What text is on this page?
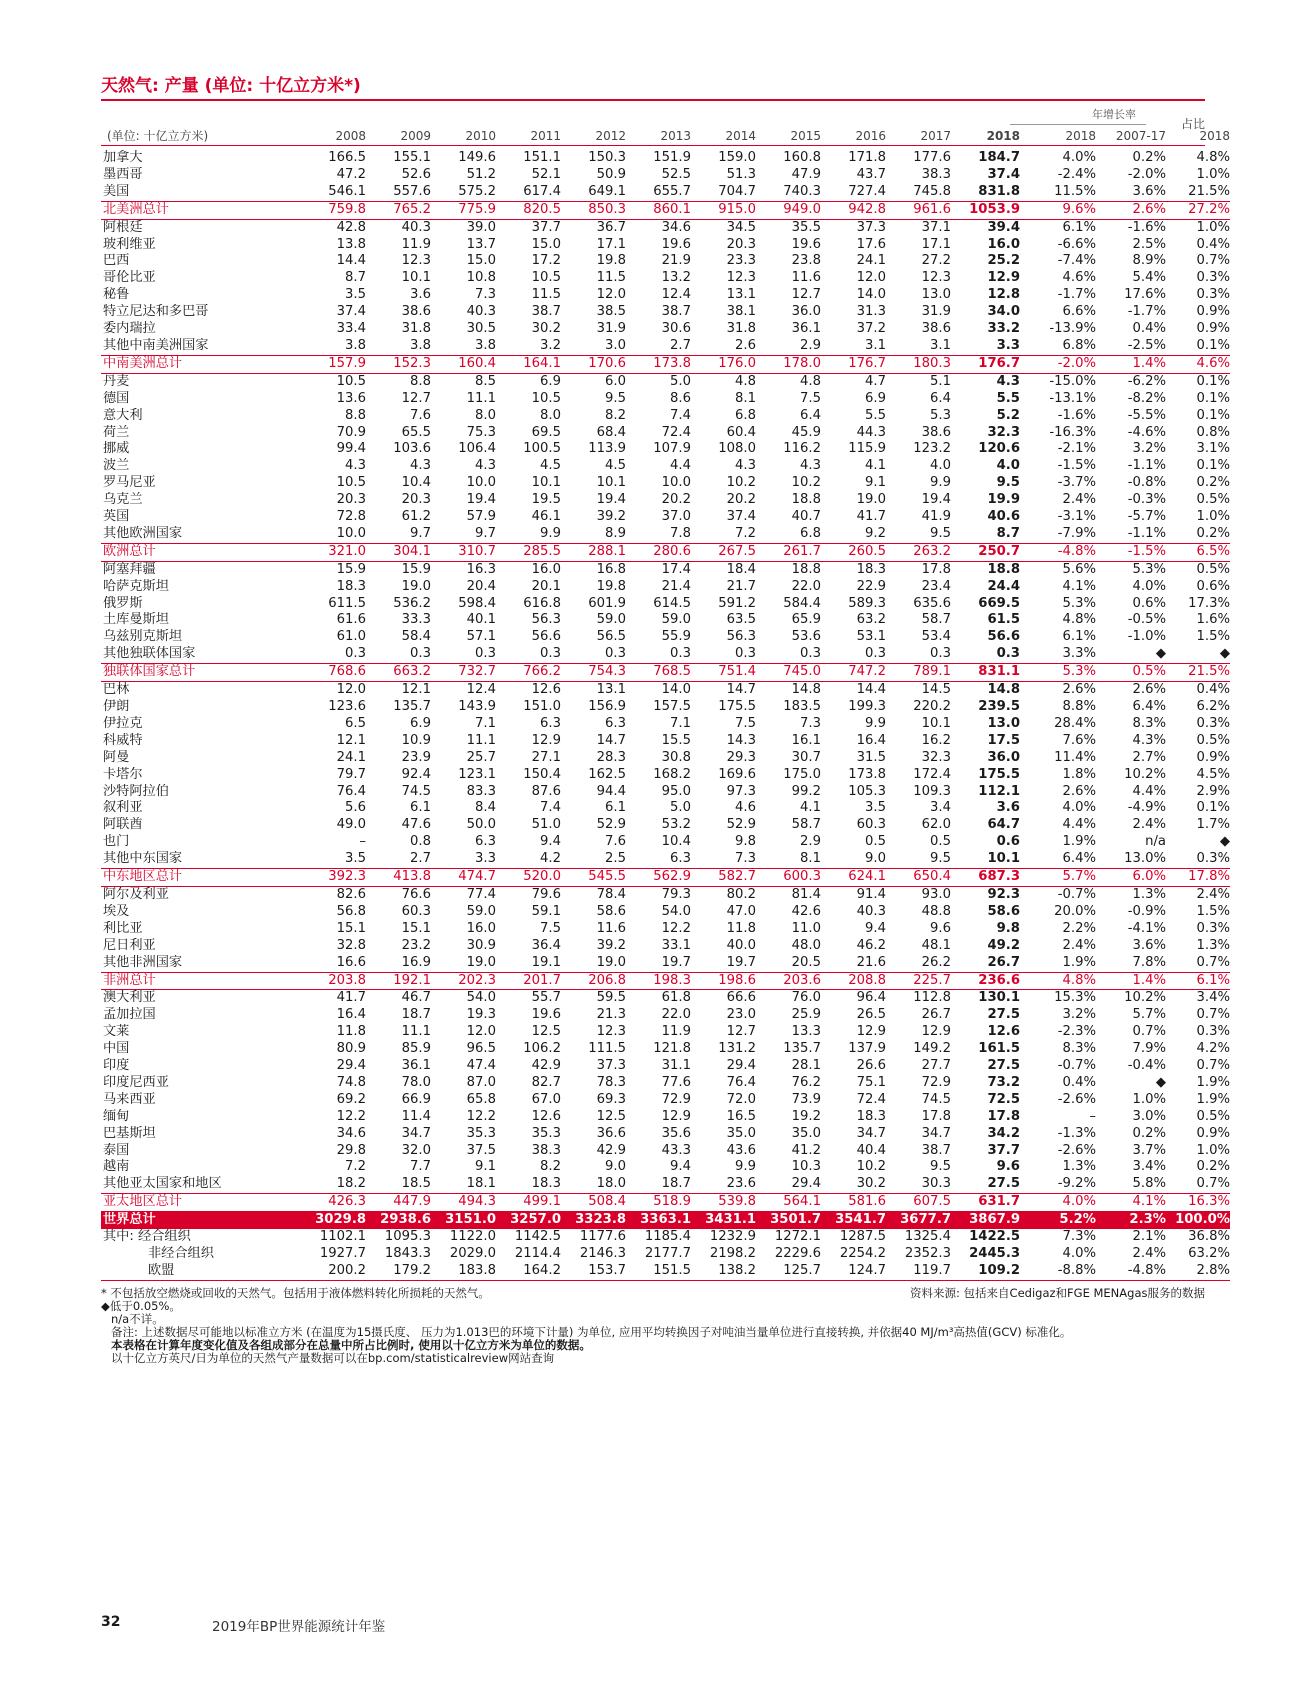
天然气: 产量 (单位: 十亿立方米*)
年增长率
占比
(单位: 十亿立方米)	2008	2009	2010	2011	2012	2013	2014	2015	2016	2017	2018		2018	2007-17	2018
加拿大	166.5	155.1	149.6	151.1	150.3	151.9	159.0	160.8	171.8	177.6	184.7		4.0%	0.2%	4.8%
墨西哥	47.2	52.6	51.2	52.1	50.9	52.5	51.3	47.9	43.7	38.3	37.4		-2.4%	-2.0%	1.0%
美国	546.1	557.6	575.2	617.4	649.1	655.7	704.7	740.3	727.4	745.8	831.8		11.5%	3.6%	21.5%
北美洲总计	759.8	765.2	775.9	820.5	850.3	860.1	915.0	949.0	942.8	961.6	1053.9		9.6%	2.6%	27.2%
阿根廷	42.8	40.3	39.0	37.7	36.7	34.6	34.5	35.5	37.3	37.1	39.4		6.1%	-1.6%	1.0%
玻利维亚	13.8	11.9	13.7	15.0	17.1	19.6	20.3	19.6	17.6	17.1	16.0		-6.6%	2.5%	0.4%
巴西	14.4	12.3	15.0	17.2	19.8	21.9	23.3	23.8	24.1	27.2	25.2		-7.4%	8.9%	0.7%
哥伦比亚	8.7	10.1	10.8	10.5	11.5	13.2	12.3	11.6	12.0	12.3	12.9		4.6%	5.4%	0.3%
秘鲁	3.5	3.6	7.3	11.5	12.0	12.4	13.1	12.7	14.0	13.0	12.8		-1.7%	17.6%	0.3%
特立尼达和多巴哥	37.4	38.6	40.3	38.7	38.5	38.7	38.1	36.0	31.3	31.9	34.0		6.6%	-1.7%	0.9%
委内瑞拉	33.4	31.8	30.5	30.2	31.9	30.6	31.8	36.1	37.2	38.6	33.2		-13.9%	0.4%	0.9%
其他中南美洲国家	3.8	3.8	3.8	3.2	3.0	2.7	2.6	2.9	3.1	3.1	3.3		6.8%	-2.5%	0.1%
中南美洲总计	157.9	152.3	160.4	164.1	170.6	173.8	176.0	178.0	176.7	180.3	176.7		-2.0%	1.4%	4.6%
丹麦	10.5	8.8	8.5	6.9	6.0	5.0	4.8	4.8	4.7	5.1	4.3		-15.0%	-6.2%	0.1%
德国	13.6	12.7	11.1	10.5	9.5	8.6	8.1	7.5	6.9	6.4	5.5		-13.1%	-8.2%	0.1%
意大利	8.8	7.6	8.0	8.0	8.2	7.4	6.8	6.4	5.5	5.3	5.2		-1.6%	-5.5%	0.1%
荷兰	70.9	65.5	75.3	69.5	68.4	72.4	60.4	45.9	44.3	38.6	32.3		-16.3%	-4.6%	0.8%
挪威	99.4	103.6	106.4	100.5	113.9	107.9	108.0	116.2	115.9	123.2	120.6		-2.1%	3.2%	3.1%
波兰	4.3	4.3	4.3	4.5	4.5	4.4	4.3	4.3	4.1	4.0	4.0		-1.5%	-1.1%	0.1%
罗马尼亚	10.5	10.4	10.0	10.1	10.1	10.0	10.2	10.2	9.1	9.9	9.5		-3.7%	-0.8%	0.2%
乌克兰	20.3	20.3	19.4	19.5	19.4	20.2	20.2	18.8	19.0	19.4	19.9		2.4%	-0.3%	0.5%
英国	72.8	61.2	57.9	46.1	39.2	37.0	37.4	40.7	41.7	41.9	40.6		-3.1%	-5.7%	1.0%
其他欧洲国家	10.0	9.7	9.7	9.9	8.9	7.8	7.2	6.8	9.2	9.5	8.7		-7.9%	-1.1%	0.2%
欧洲总计	321.0	304.1	310.7	285.5	288.1	280.6	267.5	261.7	260.5	263.2	250.7		-4.8%	-1.5%	6.5%
阿塞拜疆	15.9	15.9	16.3	16.0	16.8	17.4	18.4	18.8	18.3	17.8	18.8		5.6%	5.3%	0.5%
哈萨克斯坦	18.3	19.0	20.4	20.1	19.8	21.4	21.7	22.0	22.9	23.4	24.4		4.1%	4.0%	0.6%
俄罗斯	611.5	536.2	598.4	616.8	601.9	614.5	591.2	584.4	589.3	635.6	669.5		5.3%	0.6%	17.3%
土库曼斯坦	61.6	33.3	40.1	56.3	59.0	59.0	63.5	65.9	63.2	58.7	61.5		4.8%	-0.5%	1.6%
乌兹别克斯坦	61.0	58.4	57.1	56.6	56.5	55.9	56.3	53.6	53.1	53.4	56.6		6.1%	-1.0%	1.5%
其他独联体国家	0.3	0.3	0.3	0.3	0.3	0.3	0.3	0.3	0.3	0.3	0.3		3.3%	◆	◆
独联体国家总计	768.6	663.2	732.7	766.2	754.3	768.5	751.4	745.0	747.2	789.1	831.1		5.3%	0.5%	21.5%
巴林	12.0	12.1	12.4	12.6	13.1	14.0	14.7	14.8	14.4	14.5	14.8		2.6%	2.6%	0.4%
伊朗	123.6	135.7	143.9	151.0	156.9	157.5	175.5	183.5	199.3	220.2	239.5		8.8%	6.4%	6.2%
伊拉克	6.5	6.9	7.1	6.3	6.3	7.1	7.5	7.3	9.9	10.1	13.0		28.4%	8.3%	0.3%
科威特	12.1	10.9	11.1	12.9	14.7	15.5	14.3	16.1	16.4	16.2	17.5		7.6%	4.3%	0.5%
阿曼	24.1	23.9	25.7	27.1	28.3	30.8	29.3	30.7	31.5	32.3	36.0		11.4%	2.7%	0.9%
卡塔尔	79.7	92.4	123.1	150.4	162.5	168.2	169.6	175.0	173.8	172.4	175.5		1.8%	10.2%	4.5%
沙特阿拉伯	76.4	74.5	83.3	87.6	94.4	95.0	97.3	99.2	105.3	109.3	112.1		2.6%	4.4%	2.9%
叙利亚	5.6	6.1	8.4	7.4	6.1	5.0	4.6	4.1	3.5	3.4	3.6		4.0%	-4.9%	0.1%
阿联酋	49.0	47.6	50.0	51.0	52.9	53.2	52.9	58.7	60.3	62.0	64.7		4.4%	2.4%	1.7%
也门	–	0.8	6.3	9.4	7.6	10.4	9.8	2.9	0.5	0.5	0.6		1.9%	n/a	◆
其他中东国家	3.5	2.7	3.3	4.2	2.5	6.3	7.3	8.1	9.0	9.5	10.1		6.4%	13.0%	0.3%
中东地区总计	392.3	413.8	474.7	520.0	545.5	562.9	582.7	600.3	624.1	650.4	687.3		5.7%	6.0%	17.8%
阿尔及利亚	82.6	76.6	77.4	79.6	78.4	79.3	80.2	81.4	91.4	93.0	92.3		-0.7%	1.3%	2.4%
埃及	56.8	60.3	59.0	59.1	58.6	54.0	47.0	42.6	40.3	48.8	58.6		20.0%	-0.9%	1.5%
利比亚	15.1	15.1	16.0	7.5	11.6	12.2	11.8	11.0	9.4	9.6	9.8		2.2%	-4.1%	0.3%
尼日利亚	32.8	23.2	30.9	36.4	39.2	33.1	40.0	48.0	46.2	48.1	49.2		2.4%	3.6%	1.3%
其他非洲国家	16.6	16.9	19.0	19.1	19.0	19.7	19.7	20.5	21.6	26.2	26.7		1.9%	7.8%	0.7%
非洲总计	203.8	192.1	202.3	201.7	206.8	198.3	198.6	203.6	208.8	225.7	236.6		4.8%	1.4%	6.1%
澳大利亚	41.7	46.7	54.0	55.7	59.5	61.8	66.6	76.0	96.4	112.8	130.1		15.3%	10.2%	3.4%
孟加拉国	16.4	18.7	19.3	19.6	21.3	22.0	23.0	25.9	26.5	26.7	27.5		3.2%	5.7%	0.7%
文莱	11.8	11.1	12.0	12.5	12.3	11.9	12.7	13.3	12.9	12.9	12.6		-2.3%	0.7%	0.3%
中国	80.9	85.9	96.5	106.2	111.5	121.8	131.2	135.7	137.9	149.2	161.5		8.3%	7.9%	4.2%
印度	29.4	36.1	47.4	42.9	37.3	31.1	29.4	28.1	26.6	27.7	27.5		-0.7%	-0.4%	0.7%
印度尼西亚	74.8	78.0	87.0	82.7	78.3	77.6	76.4	76.2	75.1	72.9	73.2		0.4%	◆	1.9%
马来西亚	69.2	66.9	65.8	67.0	69.3	72.9	72.0	73.9	72.4	74.5	72.5		-2.6%	1.0%	1.9%
缅甸	12.2	11.4	12.2	12.6	12.5	12.9	16.5	19.2	18.3	17.8	17.8		–	3.0%	0.5%
巴基斯坦	34.6	34.7	35.3	35.3	36.6	35.6	35.0	35.0	34.7	34.7	34.2		-1.3%	0.2%	0.9%
泰国	29.8	32.0	37.5	38.3	42.9	43.3	43.6	41.2	40.4	38.7	37.7		-2.6%	3.7%	1.0%
越南	7.2	7.7	9.1	8.2	9.0	9.4	9.9	10.3	10.2	9.5	9.6		1.3%	3.4%	0.2%
其他亚太国家和地区	18.2	18.5	18.1	18.3	18.0	18.7	23.6	29.4	30.2	30.3	27.5		-9.2%	5.8%	0.7%
亚太地区总计	426.3	447.9	494.3	499.1	508.4	518.9	539.8	564.1	581.6	607.5	631.7		4.0%	4.1%	16.3%
世界总计	3029.8	2938.6	3151.0	3257.0	3323.8	3363.1	3431.1	3501.7	3541.7	3677.7	3867.9		5.2%	2.3%	100.0%
其中: 经合组织	1102.1	1095.3	1122.0	1142.5	1177.6	1185.4	1232.9	1272.1	1287.5	1325.4	1422.5		7.3%	2.1%	36.8%
非经合组织	1927.7	1843.3	2029.0	2114.4	2146.3	2177.7	2198.2	2229.6	2254.2	2352.3	2445.3		4.0%	2.4%	63.2%
欧盟	200.2	179.2	183.8	164.2	153.7	151.5	138.2	125.7	124.7	119.7	109.2		-8.8%	-4.8%	2.8%
* 不包括放空燃烧或回收的天然气。包括用于液体燃料转化所损耗的天然气。	资料来源: 包括来自Cedigaz和FGE MENAgas服务的数据
◆低于0.05%。
n/a不详。
备注: 上述数据尽可能地以标准立方米 (在温度为15摄氏度、 压力为1.013巴的环境下计量) 为单位, 应用平均转换因子对吨油当量单位进行直接转换, 并依据40 MJ/m³高热值(GCV) 标准化。
本表格在计算年度变化值及各组成部分在总量中所占比例时, 使用以十亿立方米为单位的数据。
以十亿立方英尺/日为单位的天然气产量数据可以在bp.com/statisticalreview网站查询
32	2019年BP世界能源统计年鉴
